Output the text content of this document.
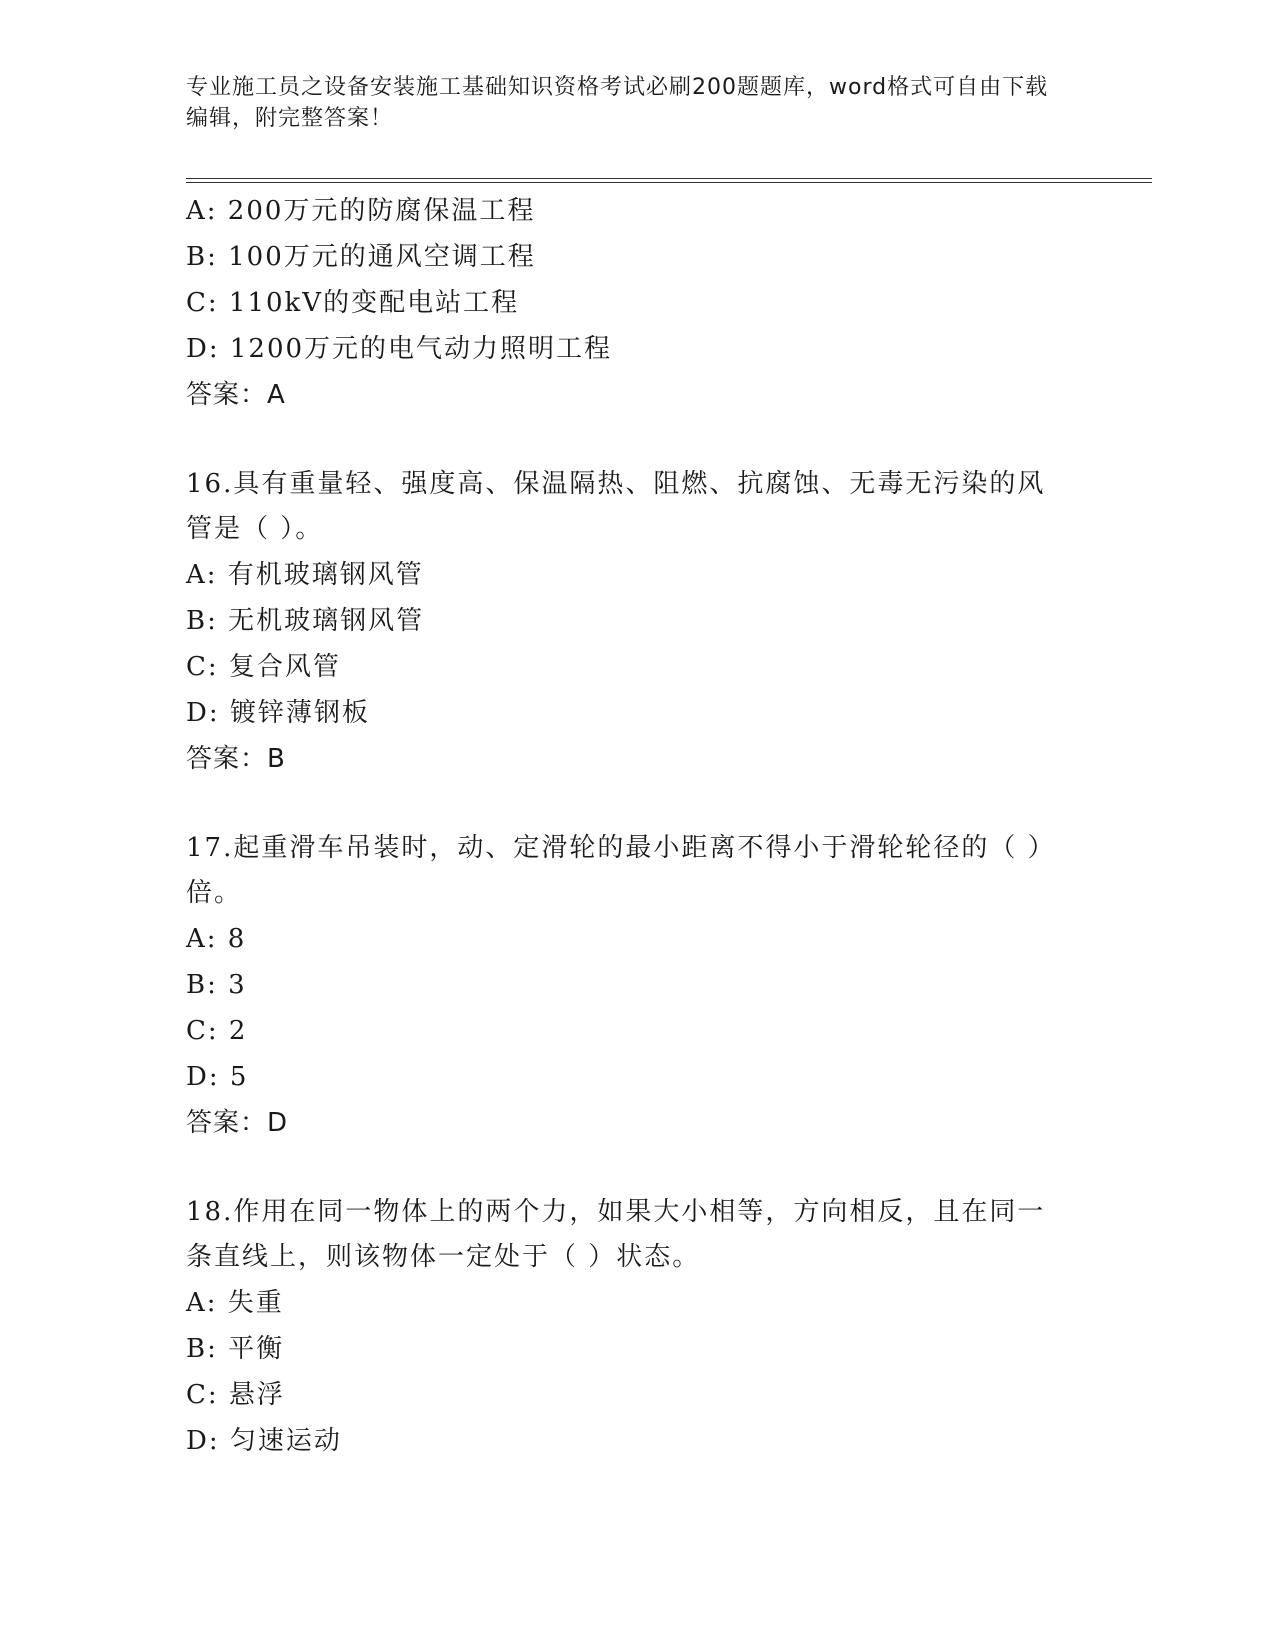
专业施工员之设备安装施工基础知识资格考试必刷200题题库，word格式可自由下载编辑，附完整答案！
A: 200万元的防腐保温工程
B: 100万元的通风空调工程
C: 110kV的变配电站工程
D: 1200万元的电气动力照明工程
答案：A
16.具有重量轻、强度高、保温隔热、阻燃、抗腐蚀、无毒无污染的风管是（ ）。
A: 有机玻璃钢风管
B: 无机玻璃钢风管
C: 复合风管
D: 镀锌薄钢板
答案：B
17.起重滑车吊装时，动、定滑轮的最小距离不得小于滑轮轮径的（ ）倍。
A: 8
B: 3
C: 2
D: 5
答案：D
18.作用在同一物体上的两个力，如果大小相等，方向相反，且在同一条直线上，则该物体一定处于（ ）状态。
A: 失重
B: 平衡
C: 悬浮
D: 匀速运动
